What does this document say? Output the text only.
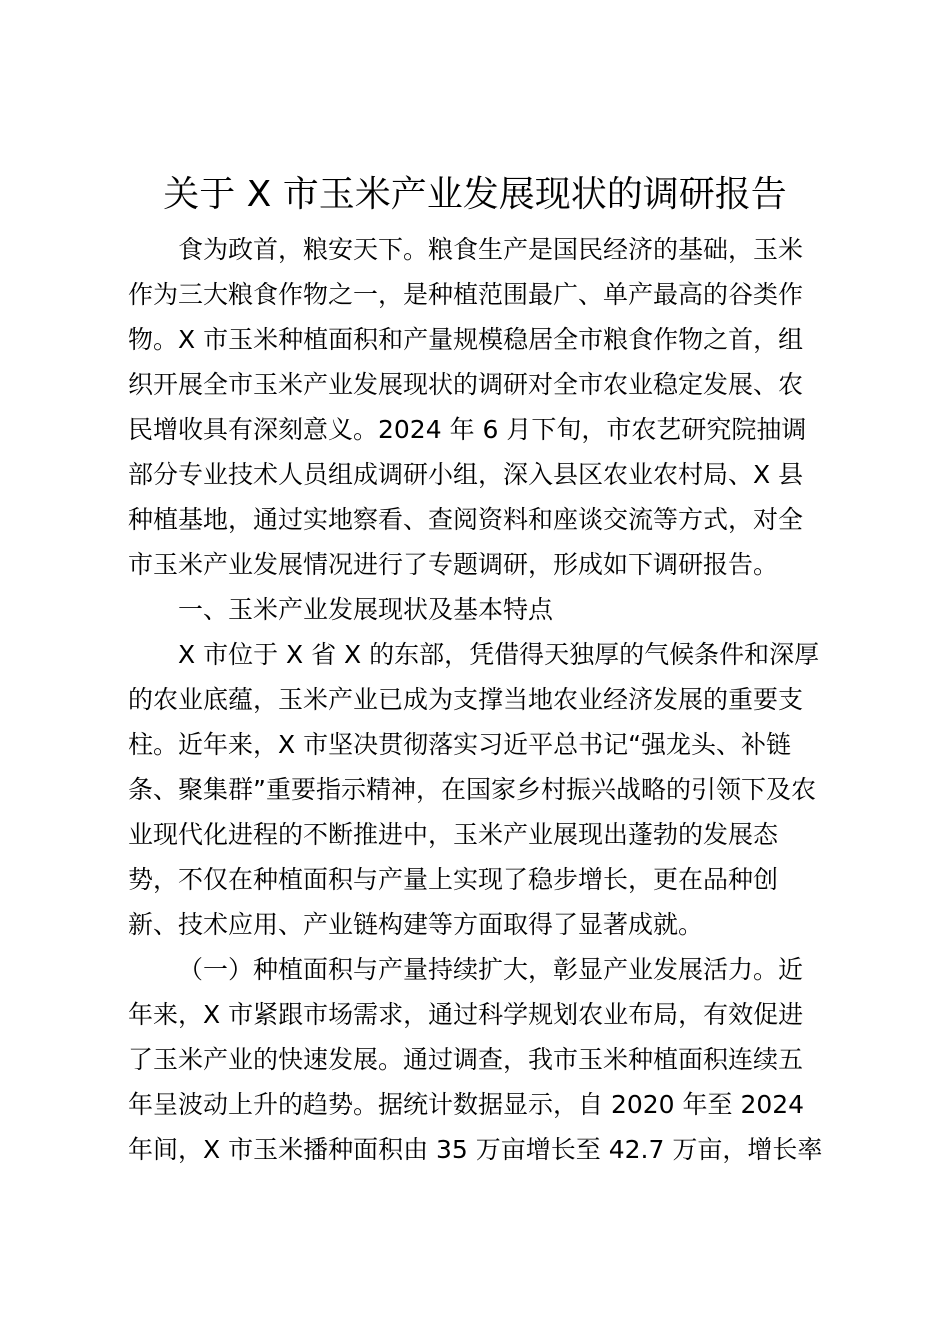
关于 X 市玉米产业发展现状的调研报告
食为政首，粮安天下。粮食生产是国民经济的基础，玉米
作为三大粮食作物之一，是种植范围最广、单产最高的谷类作
物。X 市玉米种植面积和产量规模稳居全市粮食作物之首，组
织开展全市玉米产业发展现状的调研对全市农业稳定发展、农
民增收具有深刻意义。2024 年 6 月下旬，市农艺研究院抽调
部分专业技术人员组成调研小组，深入县区农业农村局、X 县
种植基地，通过实地察看、查阅资料和座谈交流等方式，对全
市玉米产业发展情况进行了专题调研，形成如下调研报告。
一、玉米产业发展现状及基本特点
X 市位于 X 省 X 的东部，凭借得天独厚的气候条件和深厚
的农业底蕴，玉米产业已成为支撑当地农业经济发展的重要支
柱。近年来，X 市坚决贯彻落实习近平总书记“强龙头、补链
条、聚集群”重要指示精神，在国家乡村振兴战略的引领下及农
业现代化进程的不断推进中，玉米产业展现出蓬勃的发展态
势，不仅在种植面积与产量上实现了稳步增长，更在品种创
新、技术应用、产业链构建等方面取得了显著成就。
（一）种植面积与产量持续扩大，彰显产业发展活力。近
年来，X 市紧跟市场需求，通过科学规划农业布局，有效促进
了玉米产业的快速发展。通过调查，我市玉米种植面积连续五
年呈波动上升的趋势。据统计数据显示，自 2020 年至 2024
年间，X 市玉米播种面积由 35 万亩增长至 42.7 万亩，增长率
